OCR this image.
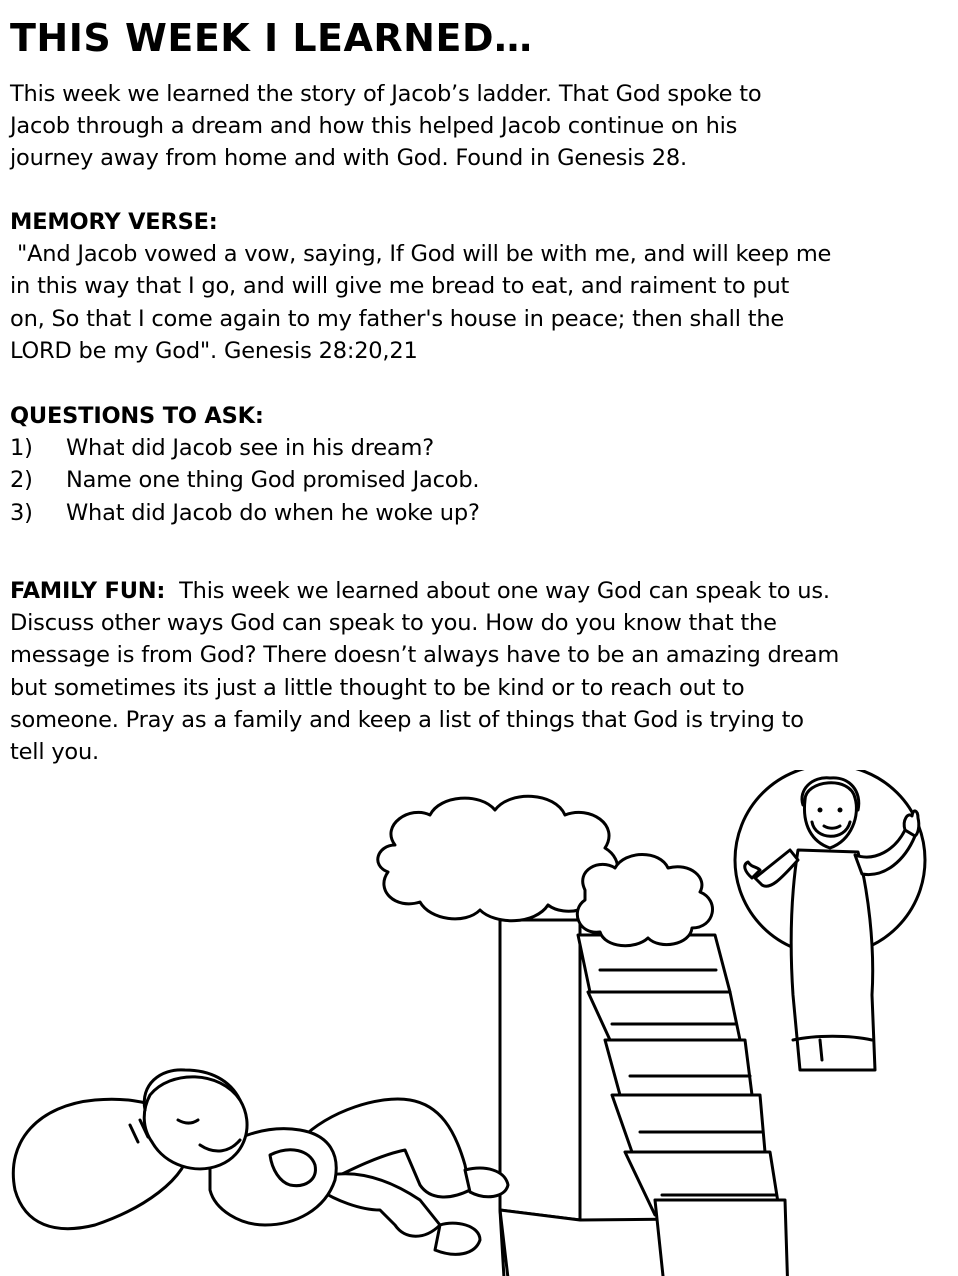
THIS WEEK I LEARNED…
This week we learned the story of Jacob’s ladder. That God spoke to
Jacob through a dream and how this helped Jacob continue on his
journey away from home and with God. Found in Genesis 28.
MEMORY VERSE:
"And Jacob vowed a vow, saying, If God will be with me, and will keep me
in this way that I go, and will give me bread to eat, and raiment to put
on, So that I come again to my father's house in peace; then shall the
LORD be my God". Genesis 28:20,21
QUESTIONS TO ASK:
1) What did Jacob see in his dream?
2) Name one thing God promised Jacob.
3) What did Jacob do when he woke up?
FAMILY FUN:  This week we learned about one way God can speak to us.
Discuss other ways God can speak to you. How do you know that the
message is from God? There doesn’t always have to be an amazing dream
but sometimes its just a little thought to be kind or to reach out to
someone. Pray as a family and keep a list of things that God is trying to
tell you.
